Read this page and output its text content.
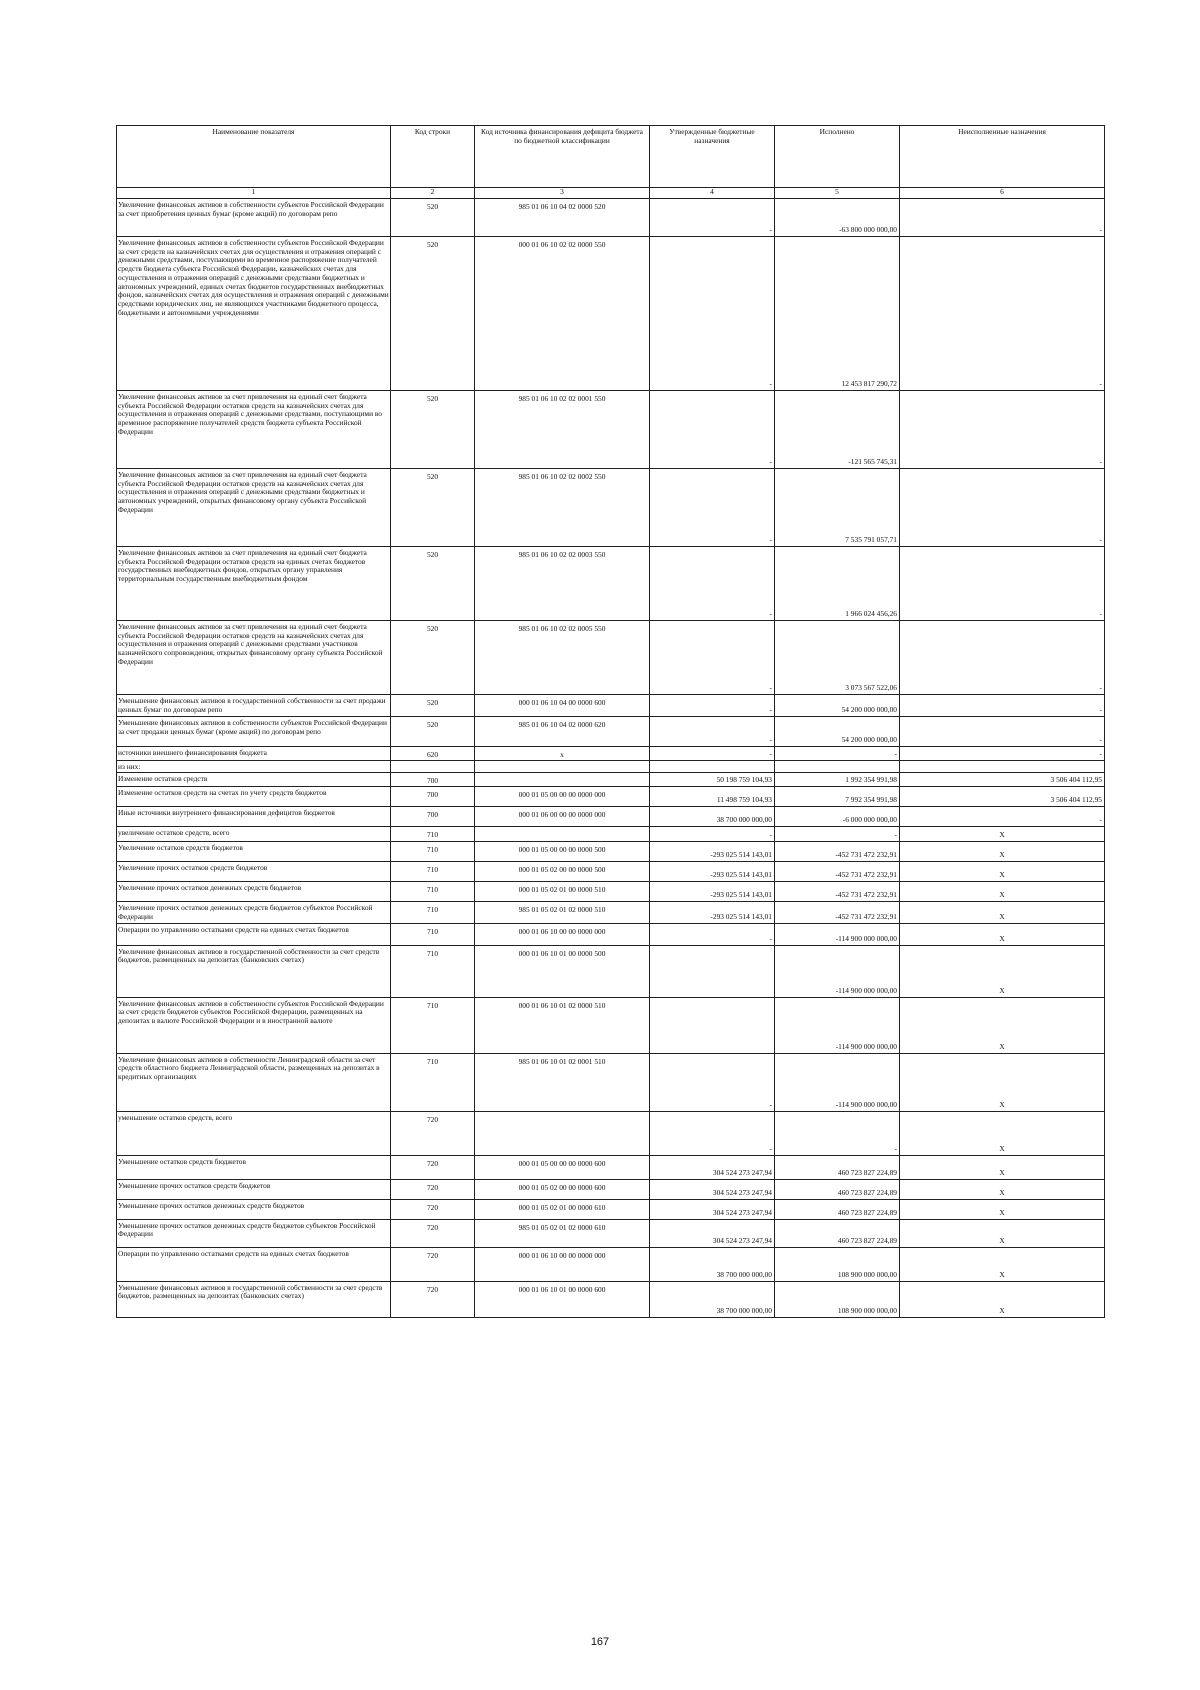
Наименование показателя	Код строки	Код источника финансирования дефицита бюджета по бюджетной классификации	Утвержденные бюджетные назначения	Исполнено	Неисполненные назначения
1	2	3	4	5	6
Увеличение финансовых активов в собственности субъектов Российской Федерации за счет приобретения ценных бумаг (кроме акций) по договорам репо	520	985 01 06 10 04 02 0000 520	-	-63 800 000 000,00	-
Увеличение финансовых активов в собственности субъектов Российской Федерации за счет средств на казначейских счетах для осуществления и отражения операций с денежными средствами, поступающими во временное распоряжение получателей средств бюджета субъекта Российской Федерации, казначейских счетах для осуществления и отражения операций с денежными средствами бюджетных и автономных учреждений, единых счетах бюджетов государственных внебюджетных фондов, казначейских счетах для осуществления и отражения операций с денежными средствами юридических лиц, не являющихся участниками бюджетного процесса, бюджетными и автономными учреждениями	520	000 01 06 10 02 02 0000 550	-	12 453 817 290,72	-
Увеличение финансовых активов за счет привлечения на единый счет бюджета субъекта Российской Федерации остатков средств на казначейских счетах для осуществления и отражения операций с денежными средствами, поступающими во временное распоряжение получателей средств бюджета субъекта Российской Федерации	520	985 01 06 10 02 02 0001 550	-	-121 565 745,31	-
Увеличение финансовых активов за счет привлечения на единый счет бюджета субъекта Российской Федерации остатков средств на казначейских счетах для осуществления и отражения операций с денежными средствами бюджетных и автономных учреждений, открытых финансовому органу субъекта Российской Федерации	520	985 01 06 10 02 02 0002 550	-	7 535 791 057,71	-
Увеличение финансовых активов за счет привлечения на единый счет бюджета субъекта Российской Федерации остатков средств на единых счетах бюджетов государственных внебюджетных фондов, открытых органу управления территориальным государственным внебюджетным фондом	520	985 01 06 10 02 02 0003 550	-	1 966 024 456,26	-
Увеличение финансовых активов за счет привлечения на единый счет бюджета субъекта Российской Федерации остатков средств на казначейских счетах для осуществления и отражения операций с денежными средствами участников казначейского сопровождения, открытых финансовому органу субъекта Российской Федерации	520	985 01 06 10 02 02 0005 550	-	3 073 567 522,06	-
Уменьшение финансовых активов в государственной собственности за счет продажи ценных бумаг по договорам репо	520	000 01 06 10 04 00 0000 600	-	54 200 000 000,00	-
Уменьшение финансовых активов в собственности субъектов Российской Федерации за счет продажи ценных бумаг (кроме акций) по договорам репо	520	985 01 06 10 04 02 0000 620	-	54 200 000 000,00	-
источники внешнего финансирования бюджета	620	x	-	-	-
из них:					
Изменение остатков средств	700		50 198 759 104,93	1 992 354 991,98	3 506 404 112,95
Изменение остатков средств на счетах по учету средств бюджетов	700	000 01 05 00 00 00 0000 000	11 498 759 104,93	7 992 354 991,98	3 506 404 112,95
Иные источники внутреннего финансирования дефицитов бюджетов	700	000 01 06 00 00 00 0000 000	38 700 000 000,00	-6 000 000 000,00	-
увеличение остатков средств, всего	710		-	-	X
Увеличение остатков средств бюджетов	710	000 01 05 00 00 00 0000 500	-293 025 514 143,01	-452 731 472 232,91	X
Увеличение прочих остатков средств бюджетов	710	000 01 05 02 00 00 0000 500	-293 025 514 143,01	-452 731 472 232,91	X
Увеличение прочих остатков денежных средств бюджетов	710	000 01 05 02 01 00 0000 510	-293 025 514 143,01	-452 731 472 232,91	X
Увеличение прочих остатков денежных средств бюджетов субъектов Российской Федерации	710	985 01 05 02 01 02 0000 510	-293 025 514 143,01	-452 731 472 232,91	X
Операции по управлению остатками средств на единых счетах бюджетов	710	000 01 06 10 00 00 0000 000	-	-114 900 000 000,00	X
Увеличение финансовых активов в государственной собственности за счет средств бюджетов, размещенных на депозитах (банковских счетах)	710	000 01 06 10 01 00 0000 500		-114 900 000 000,00	X
Увеличение финансовых активов в собственности субъектов Российской Федерации за счет средств бюджетов субъектов Российской Федерации, размещенных на депозитах в валюте Российской Федерации и в иностранной валюте	710	000 01 06 10 01 02 0000 510		-114 900 000 000,00	X
Увеличение финансовых активов в собственности Ленинградской области за счет средств областного бюджета Ленинградской области, размещенных на депозитах в кредитных организациях	710	985 01 06 10 01 02 0001 510	-	-114 900 000 000,00	X
уменьшение остатков средств, всего	720		-	-	X
Уменьшение остатков средств бюджетов	720	000 01 05 00 00 00 0000 600	304 524 273 247,94	460 723 827 224,89	X
Уменьшение прочих остатков средств бюджетов	720	000 01 05 02 00 00 0000 600	304 524 273 247,94	460 723 827 224,89	X
Уменьшение прочих остатков денежных средств бюджетов	720	000 01 05 02 01 00 0000 610	304 524 273 247,94	460 723 827 224,89	X
Уменьшение прочих остатков денежных средств бюджетов субъектов Российской Федерации	720	985 01 05 02 01 02 0000 610	304 524 273 247,94	460 723 827 224,89	X
Операции по управлению остатками средств на единых счетах бюджетов	720	000 01 06 10 00 00 0000 000	38 700 000 000,00	108 900 000 000,00	X
Уменьшение финансовых активов в государственной собственности за счет средств бюджетов, размещенных на депозитах (банковских счетах)	720	000 01 06 10 01 00 0000 600	38 700 000 000,00	108 900 000 000,00	X
167
